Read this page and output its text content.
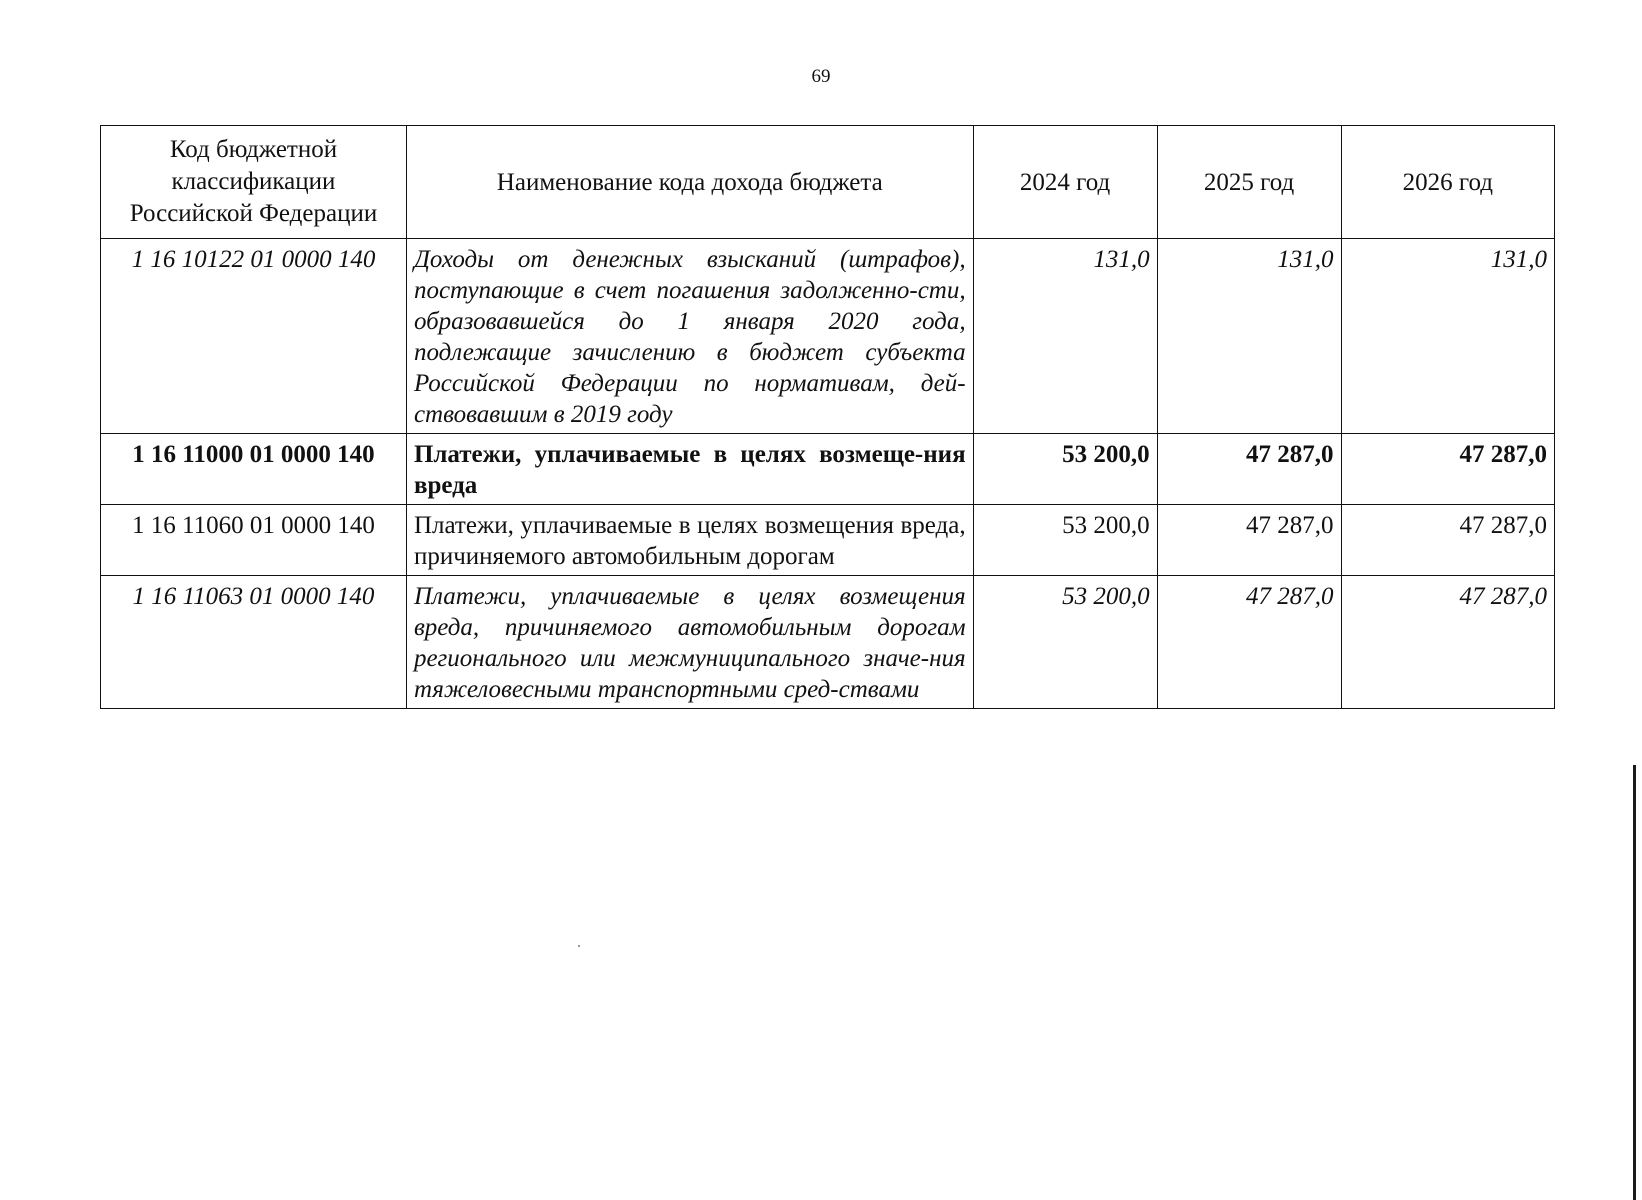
69
Код бюджетной классификации Российской Федерации	Наименование кода дохода бюджета	2024 год	2025 год	2026 год
1 16 10122 01 0000 140	Доходы от денежных взысканий (штрафов), поступающие в счет погашения задолженно-сти, образовавшейся до 1 января 2020 года, подлежащие зачислению в бюджет субъекта Российской Федерации по нормативам, дей-ствовавшим в 2019 году	131,0	131,0	131,0
1 16 11000 01 0000 140	Платежи, уплачиваемые в целях возмеще-ния вреда	53 200,0	47 287,0	47 287,0
1 16 11060 01 0000 140	Платежи, уплачиваемые в целях возмещения вреда, причиняемого автомобильным дорогам	53 200,0	47 287,0	47 287,0
1 16 11063 01 0000 140	Платежи, уплачиваемые в целях возмещения вреда, причиняемого автомобильным дорогам регионального или межмуниципального значе-ния тяжеловесными транспортными сред-ствами	53 200,0	47 287,0	47 287,0
